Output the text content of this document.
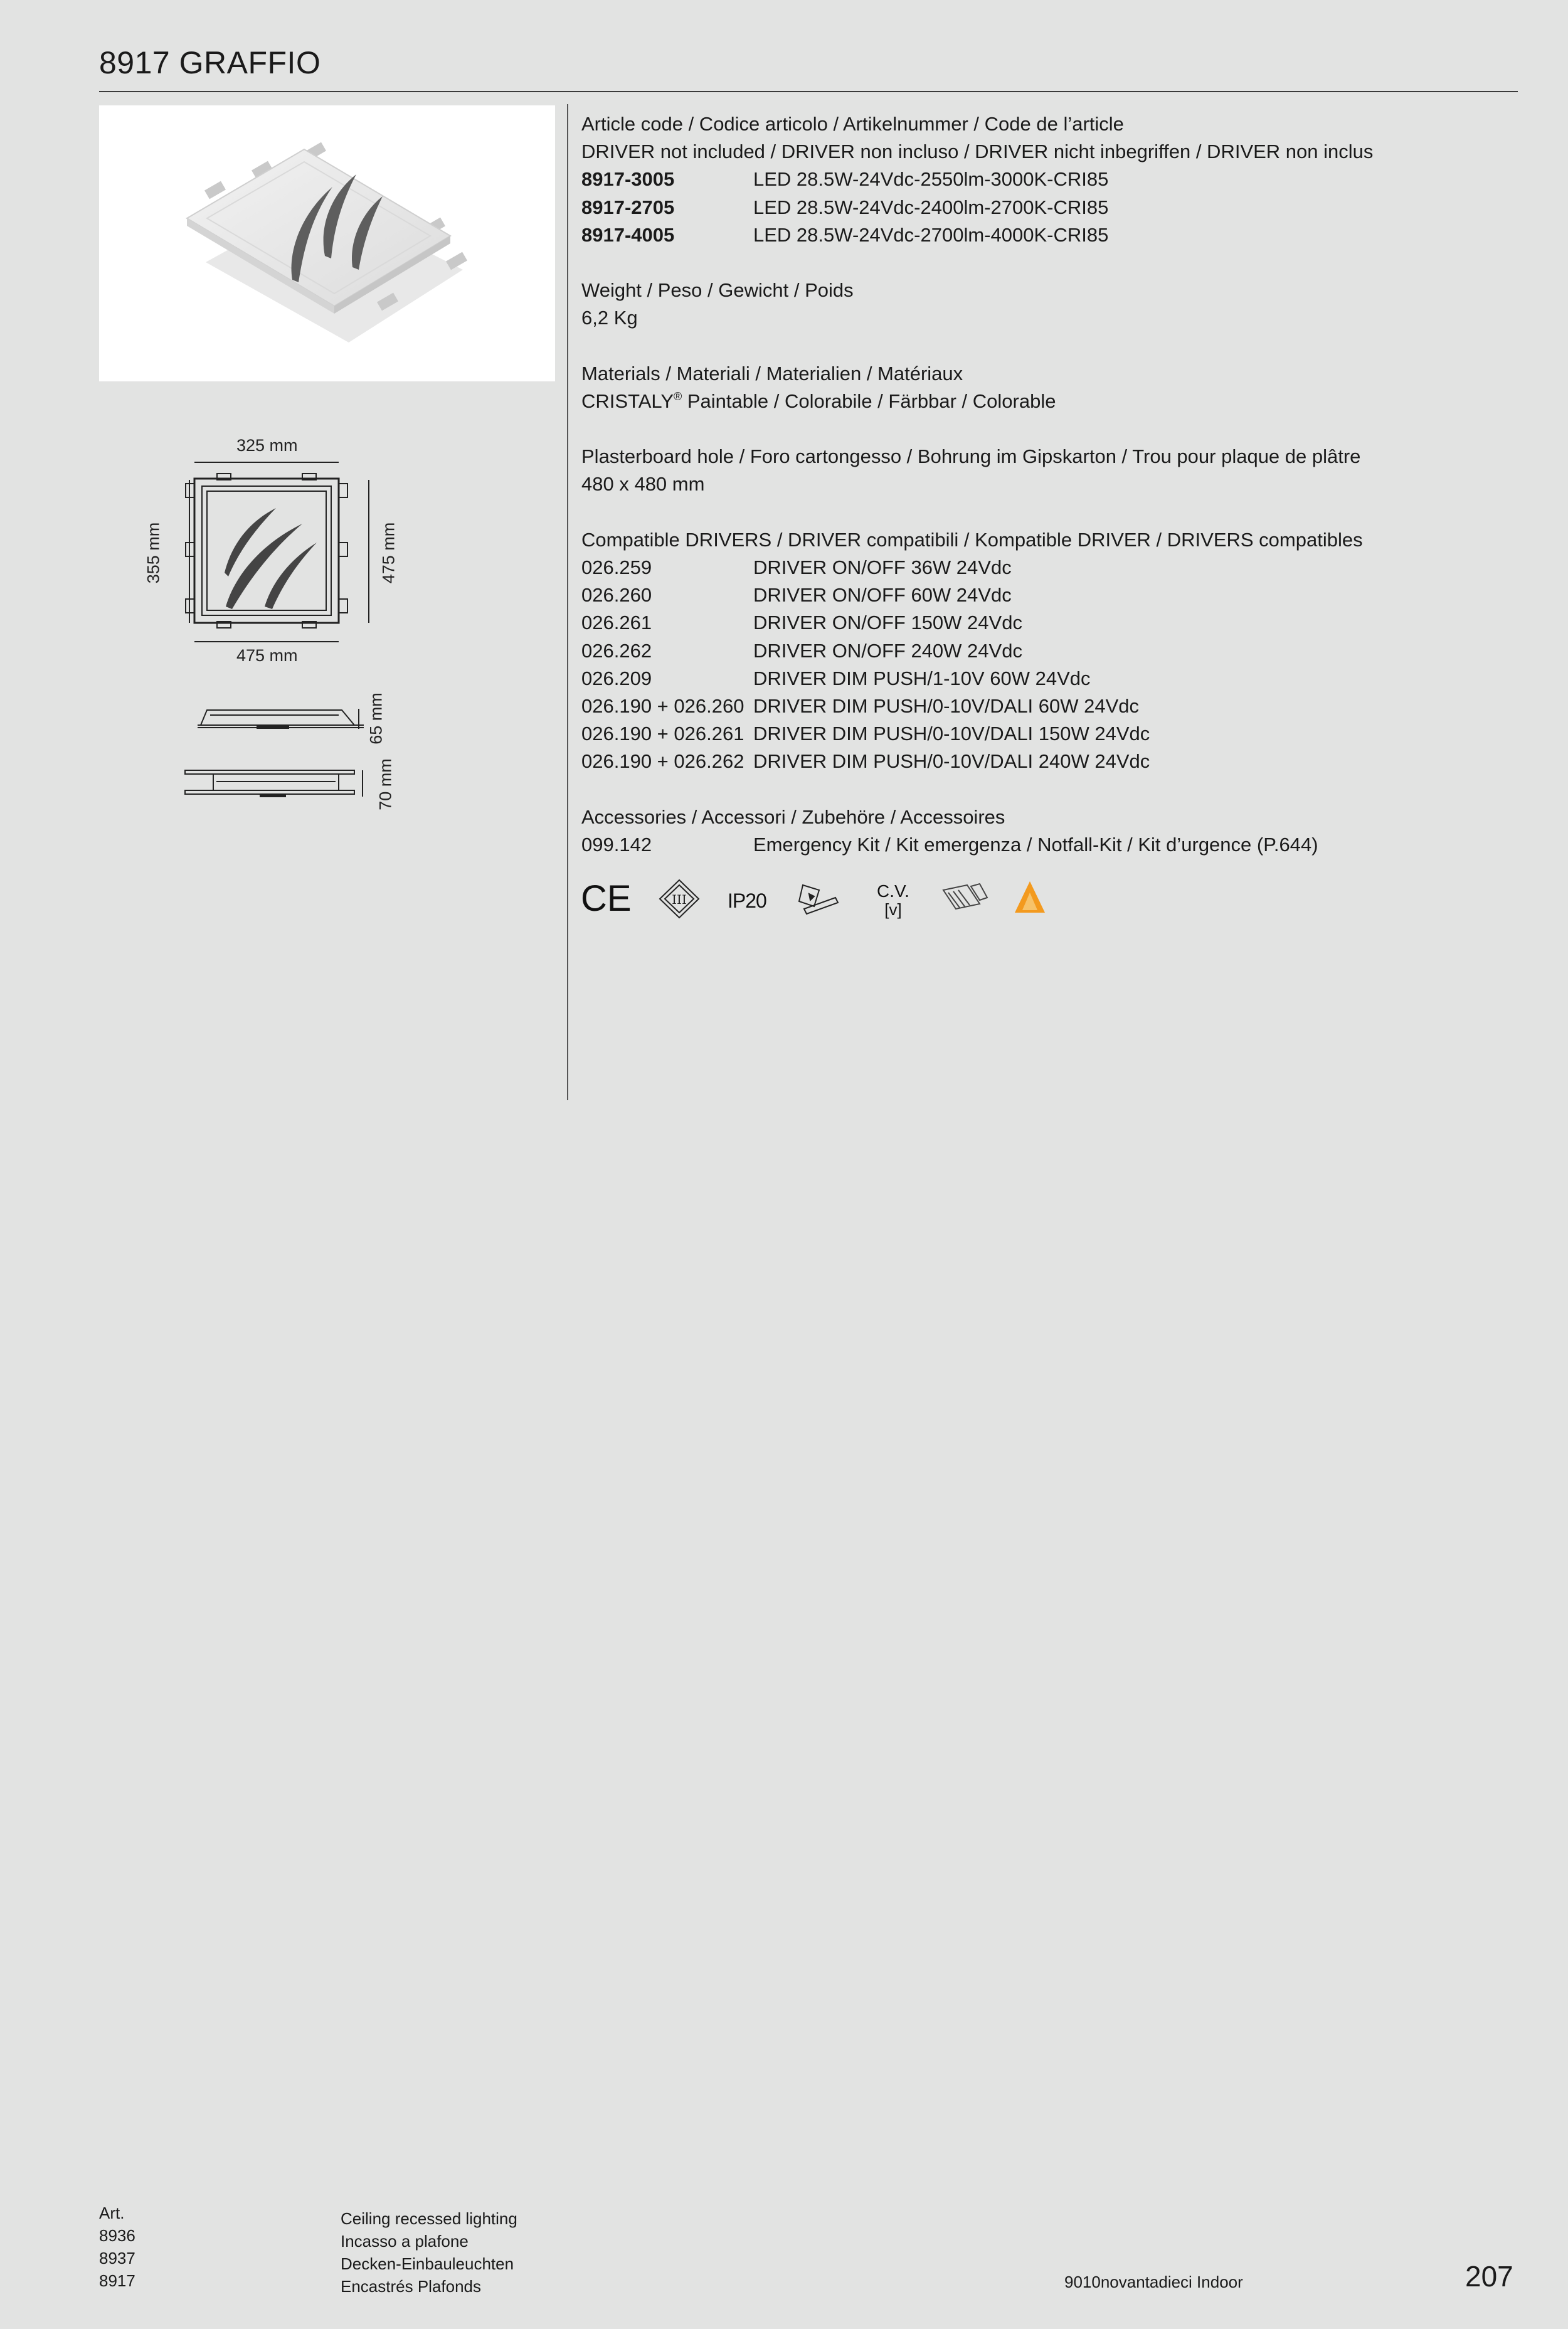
8917 GRAFFIO
325 mm
475 mm
355 mm	475 mm
65 mm
70 mm
Article code / Codice articolo / Artikelnummer / Code de l’article
DRIVER not included / DRIVER non incluso / DRIVER nicht inbegriffen / DRIVER non inclus
8917-3005	LED 28.5W-24Vdc-2550lm-3000K-CRI85
8917-2705	LED 28.5W-24Vdc-2400lm-2700K-CRI85
8917-4005	LED 28.5W-24Vdc-2700lm-4000K-CRI85
Weight / Peso / Gewicht / Poids
6,2 Kg
Materials / Materiali / Materialien / Matériaux
CRISTALY® Paintable / Colorabile / Färbbar / Colorable
Plasterboard hole / Foro cartongesso / Bohrung im Gipskarton / Trou pour plaque de plâtre
480 x 480 mm
Compatible DRIVERS / DRIVER compatibili / Kompatible DRIVER / DRIVERS compatibles
026.259	DRIVER ON/OFF 36W 24Vdc
026.260	DRIVER ON/OFF 60W 24Vdc
026.261	DRIVER ON/OFF 150W 24Vdc
026.262	DRIVER ON/OFF 240W 24Vdc
026.209	DRIVER DIM PUSH/1-10V 60W 24Vdc
026.190 + 026.260 DRIVER DIM PUSH/0-10V/DALI 60W 24Vdc
026.190 + 026.261 DRIVER DIM PUSH/0-10V/DALI 150W 24Vdc
026.190 + 026.262 DRIVER DIM PUSH/0-10V/DALI 240W 24Vdc
Accessories / Accessori / Zubehöre / Accessoires
099.142	Emergency Kit / Kit emergenza / Notfall-Kit / Kit d’urgence (P.644)
CE	III IP20	C.V.
[v]
Art.
8936
8937
8917
Ceiling recessed lighting
Incasso a plafone
Decken-Einbauleuchten
Encastrés Plafonds	9010novantadieci Indoor	207
